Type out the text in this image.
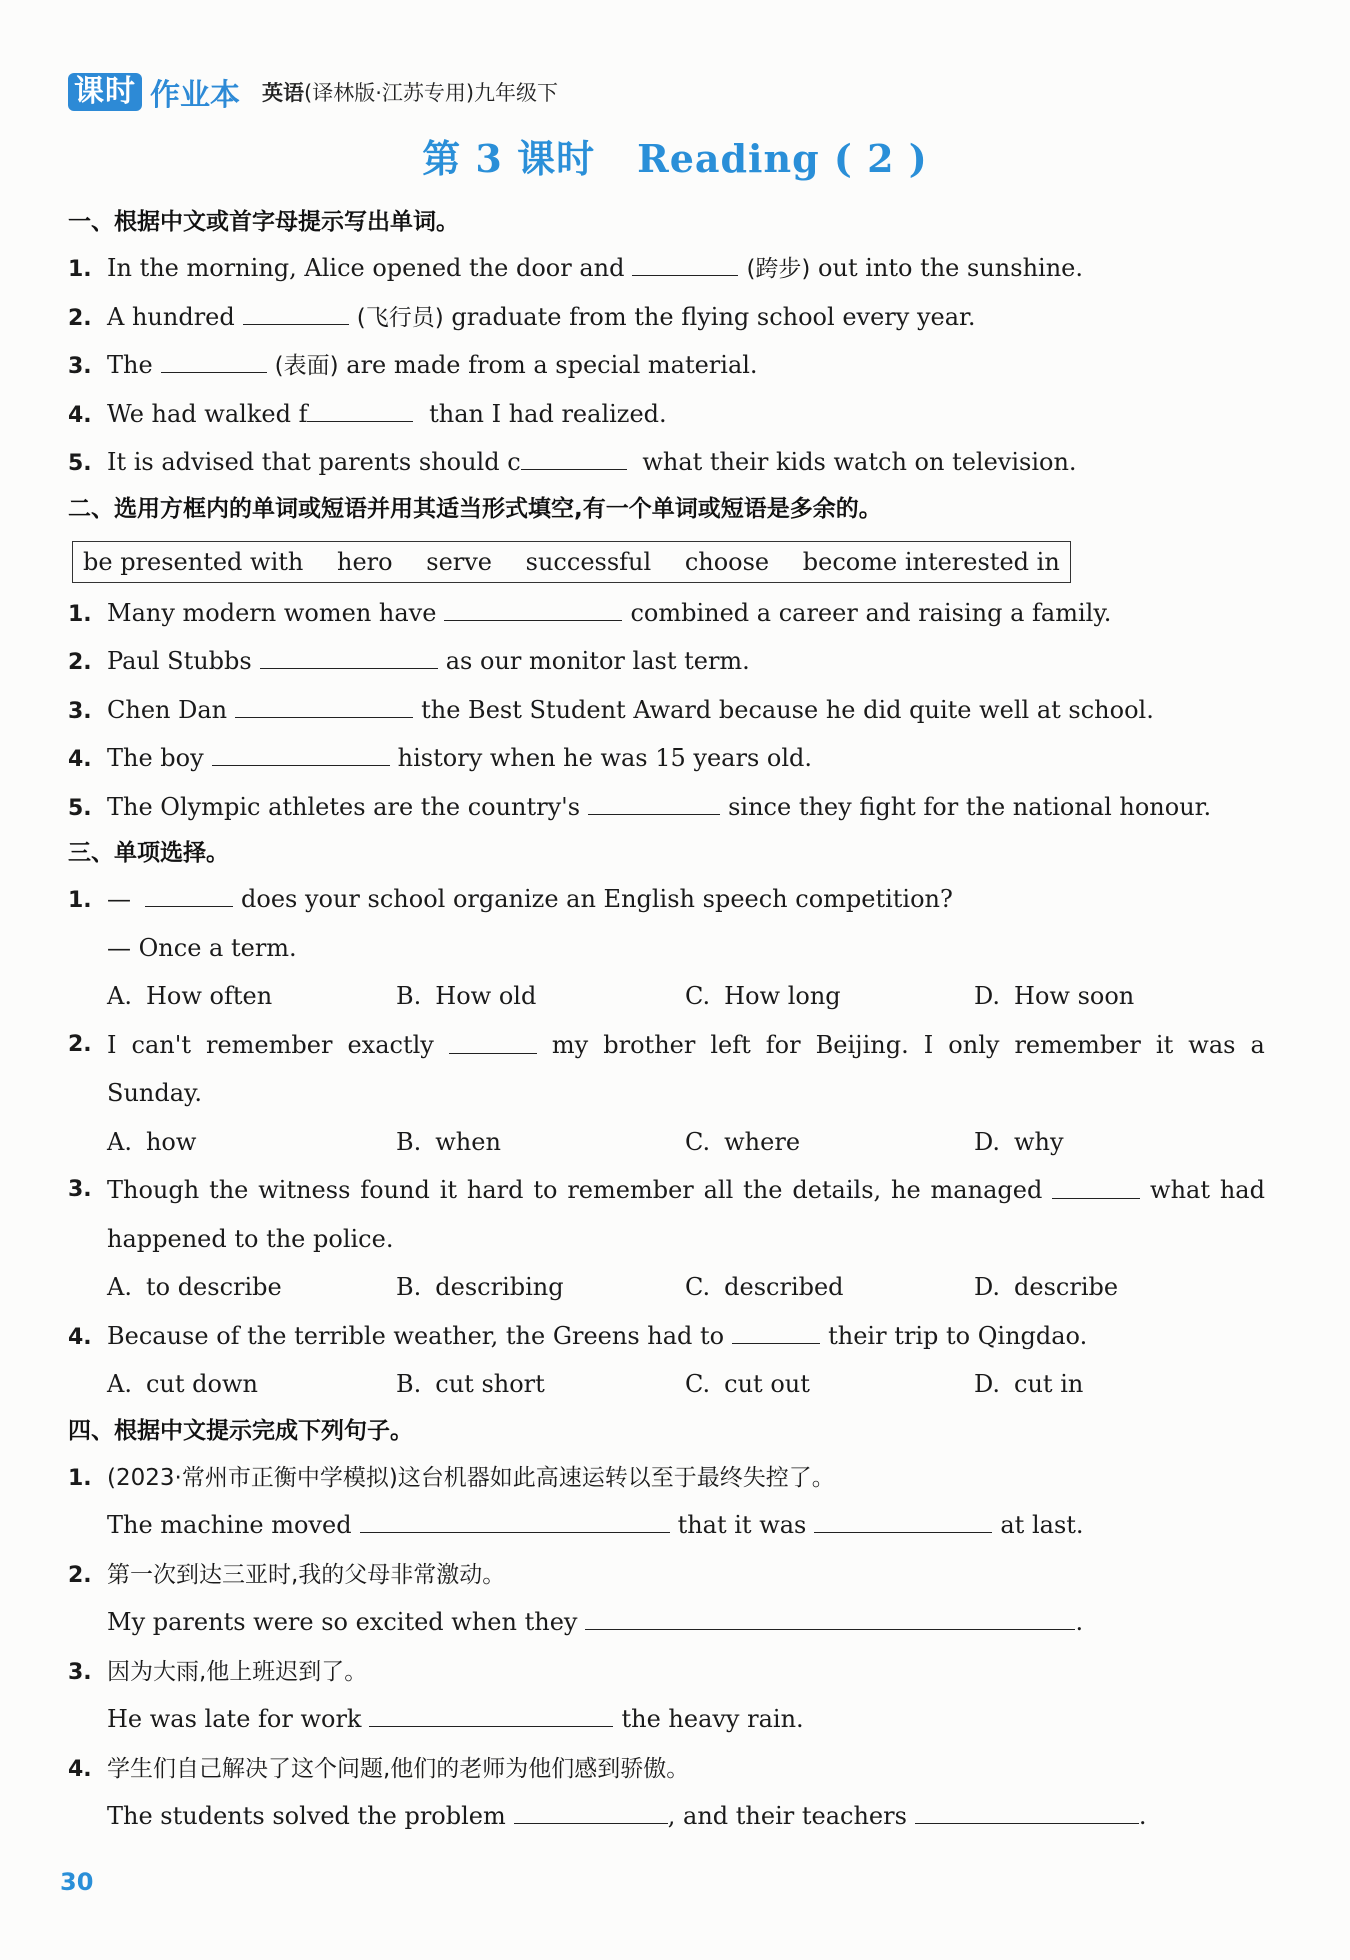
课时 作业本 英语(译林版·江苏专用)九年级下
第 3 课时 Reading ( 2 )
一、根据中文或首字母提示写出单词。
1. In the morning, Alice opened the door and	(跨步) out into the sunshine.
2. A hundred	(飞行员) graduate from the flying school every year.
3. The	(表面) are made from a special material.
4. We had walked f	than I had realized.
5. It is advised that parents should c	what their kids watch on television.
二、选用方框内的单词或短语并用其适当形式填空,有一个单词或短语是多余的。
be presented with hero serve successful choose become interested in
1. Many modern women have	combined a career and raising a family.
2. Paul Stubbs	as our monitor last term.
3. Chen Dan	the Best Student Award because he did quite well at school.
4. The boy	history when he was 15 years old.
5. The Olympic athletes are the country's	since they fight for the national honour.
三、单项选择。
1. —	does your school organize an English speech competition?
— Once a term.
A. How often	B. How old	C. How long	D. How soon
2. I can't remember exactly	my brother left for Beijing. I only remember it was a
Sunday.
A. how	B. when	C. where	D. why
3. Though the witness found it hard to remember all the details, he managed	what had
happened to the police.
A. to describe	B. describing	C. described	D. describe
4. Because of the terrible weather, the Greens had to	their trip to Qingdao.
A. cut down	B. cut short	C. cut out	D. cut in
四、根据中文提示完成下列句子。
1. (2023·常州市正衡中学模拟)这台机器如此高速运转以至于最终失控了。
The machine moved	that it was	at last.
2. 第一次到达三亚时,我的父母非常激动。
My parents were so excited when they	.
3. 因为大雨,他上班迟到了。
He was late for work	the heavy rain.
4. 学生们自己解决了这个问题,他们的老师为他们感到骄傲。
The students solved the problem	, and their teachers	.
30
